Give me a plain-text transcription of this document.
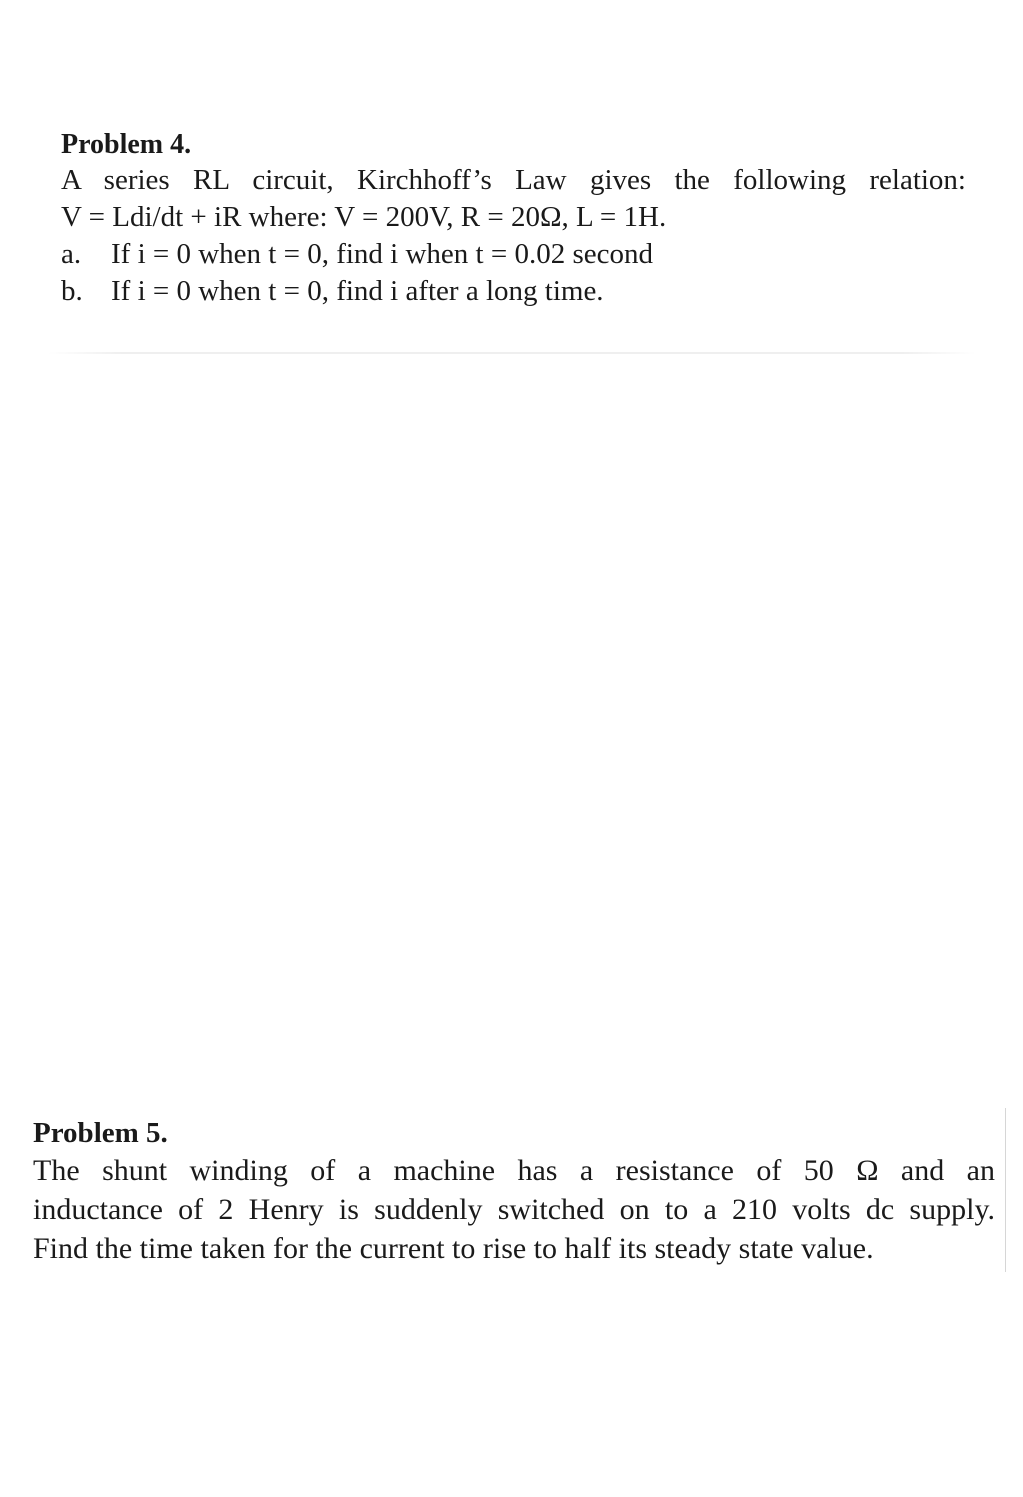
Problem 4.

A series RL circuit, Kirchhoff’s Law gives the following relation:
V = Ldi/dt + iR where: V = 200V, R = 20Ω, L = 1H.

a.	If i = 0 when t = 0, find i when t = 0.02 second
b. If i = 0 when t = 0, find i after a long time.

Problem 5.

The shunt winding of a machine has a resistance of 50 Ω and an
inductance of 2 Henry is suddenly switched on to a 210 volts dc supply.
Find the time taken for the current to rise to half its steady state value.
